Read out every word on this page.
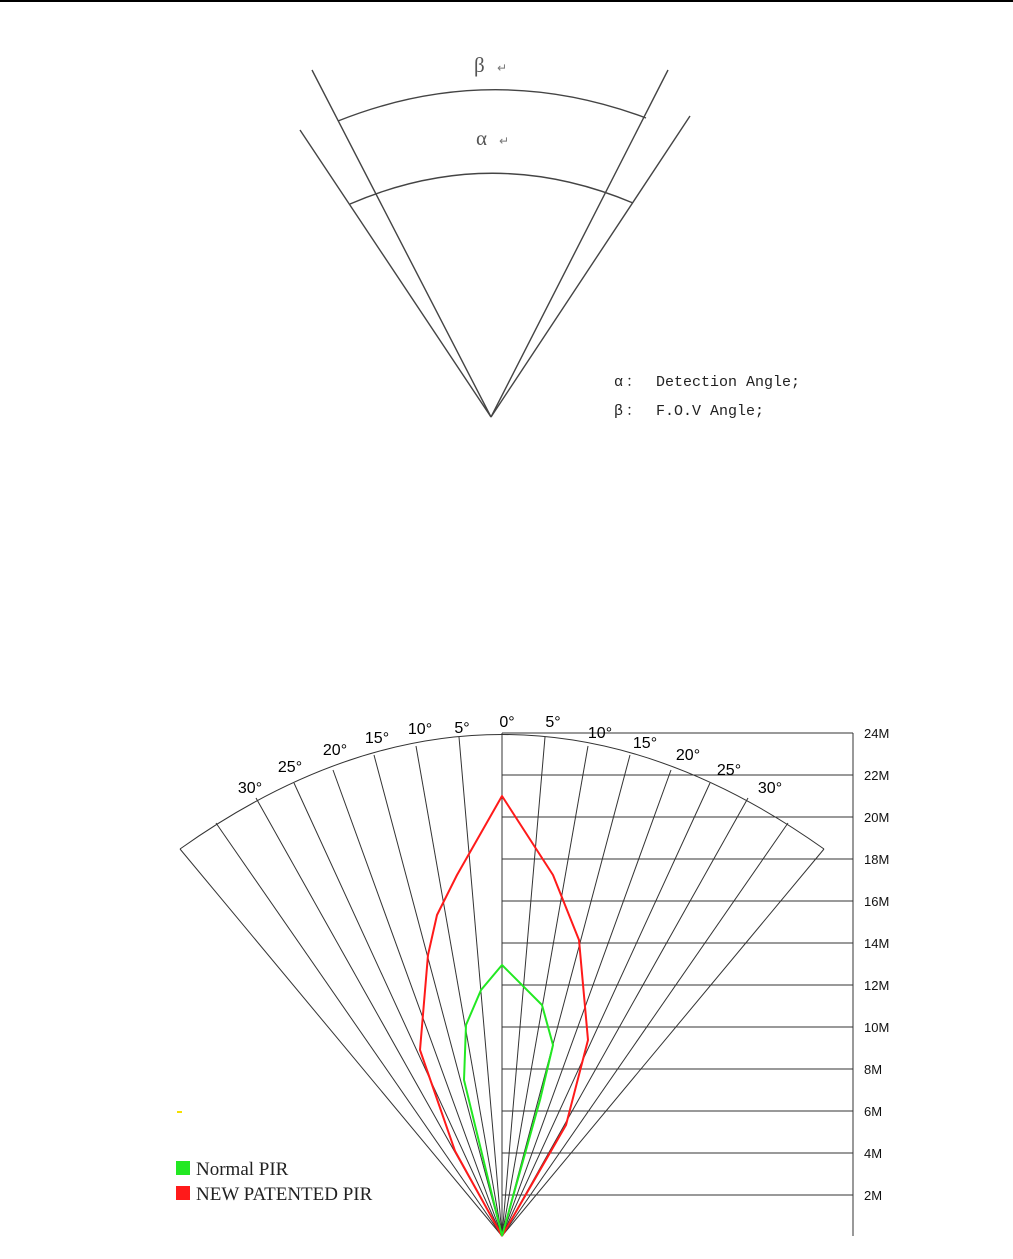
β ↵
α ↵
α ： Detection Angle;
β ： F.O.V Angle;
5°
10°
15°
20°
25°
30°
0° 5°
10°
15°
20°
25°
30°
24M
22M
20M
18M
16M
14M
12M
10M
8M
6M
4M
2M
Normal PIR
NEW PATENTED PIR
